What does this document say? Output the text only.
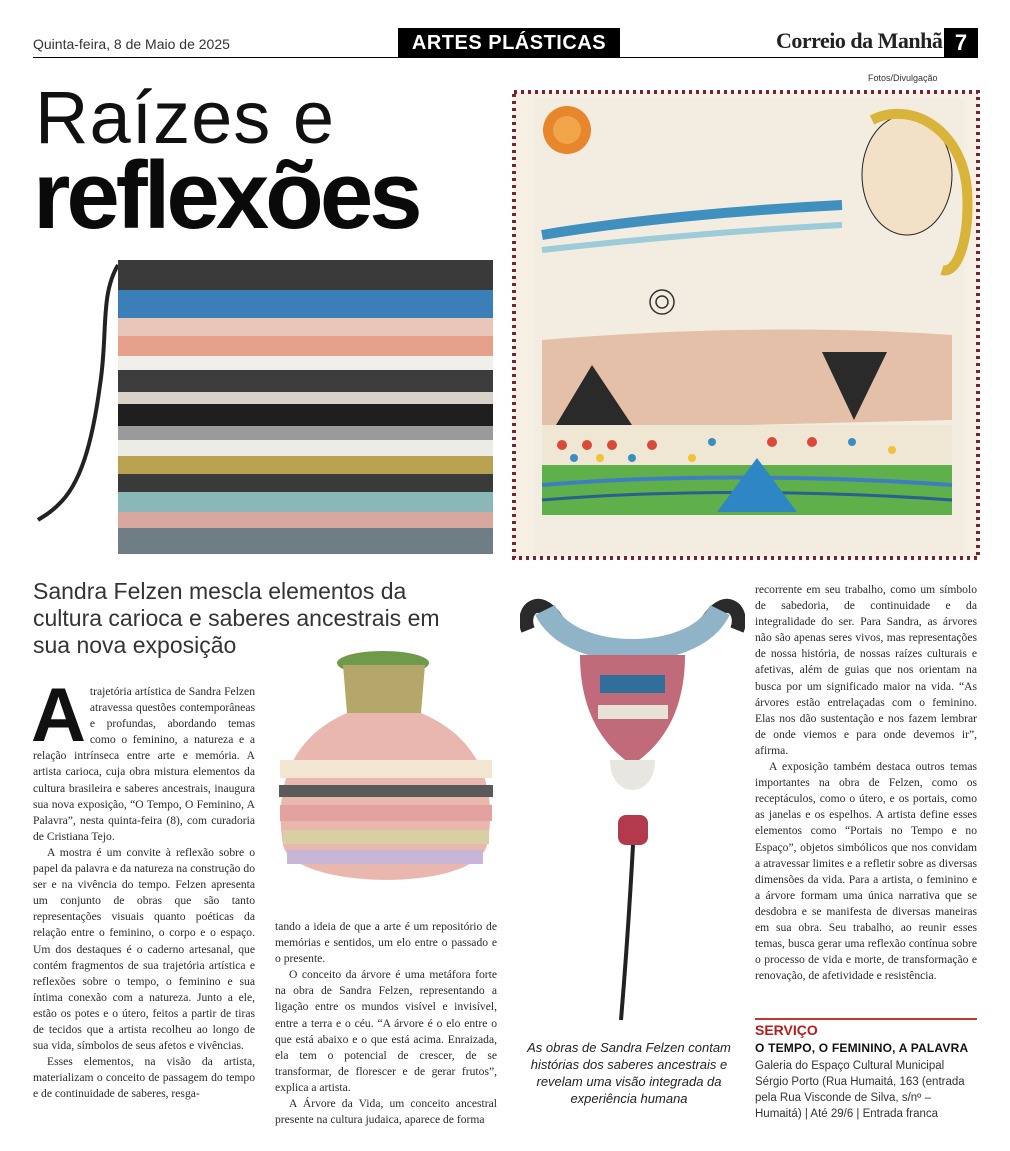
Quinta-feira, 8 de Maio de 2025	ARTES PLÁSTICAS	Correio da Manhã 7
Fotos/Divulgação
Raízes e
reflexões
Sandra Felzen mescla elementos da cultura carioca e saberes ancestrais em sua nova exposição
A trajetória artística de Sandra Felzen atravessa questões contemporâneas e profundas, abordando temas como o feminino, a natureza e a relação intrínseca entre arte e memória. A artista carioca, cuja obra mistura elementos da cultura brasileira e saberes ancestrais, inaugura sua nova exposição, “O Tempo, O Feminino, A Palavra”, nesta quinta-feira (8), com curadoria de Cristiana Tejo.

A mostra é um convite à reflexão sobre o papel da palavra e da natureza na construção do ser e na vivência do tempo. Felzen apresenta um conjunto de obras que são tanto representações visuais quanto poéticas da relação entre o feminino, o corpo e o espaço. Um dos destaques é o caderno artesanal, que contém fragmentos de sua trajetória artística e reflexões sobre o tempo, o feminino e sua íntima conexão com a natureza. Junto a ele, estão os potes e o útero, feitos a partir de tiras de tecidos que a artista recolheu ao longo de sua vida, símbolos de seus afetos e vivências.

Esses elementos, na visão da artista, materializam o conceito de passagem do tempo e de continuidade de saberes, resga-

tando a ideia de que a arte é um repositório de memórias e sentidos, um elo entre o passado e o presente.

O conceito da árvore é uma metáfora forte na obra de Sandra Felzen, representando a ligação entre os mundos visível e invisível, entre a terra e o céu. “A árvore é o elo entre o que está abaixo e o que está acima. Enraizada, ela tem o potencial de crescer, de se transformar, de florescer e de gerar frutos”, explica a artista.

A Árvore da Vida, um conceito ancestral presente na cultura judaica, aparece de forma

As obras de Sandra Felzen contam histórias dos saberes ancestrais e revelam uma visão integrada da experiência humana

recorrente em seu trabalho, como um símbolo de sabedoria, de continuidade e da integralidade do ser. Para Sandra, as árvores não são apenas seres vivos, mas representações de nossa história, de nossas raízes culturais e afetivas, além de guias que nos orientam na busca por um significado maior na vida. “As árvores estão entrelaçadas com o feminino. Elas nos dão sustentação e nos fazem lembrar de onde viemos e para onde devemos ir”, afirma.

A exposição também destaca outros temas importantes na obra de Felzen, como os receptáculos, como o útero, e os portais, como as janelas e os espelhos. A artista define esses elementos como “Portais no Tempo e no Espaço”, objetos simbólicos que nos convidam a atravessar limites e a refletir sobre as diversas dimensões da vida. Para a artista, o feminino e a árvore formam uma única narrativa que se desdobra e se manifesta de diversas maneiras em sua obra. Seu trabalho, ao reunir esses temas, busca gerar uma reflexão contínua sobre o processo de vida e morte, de transformação e renovação, de afetividade e resistência.

SERVIÇO
O TEMPO, O FEMININO, A PALAVRA
Galeria do Espaço Cultural Municipal Sérgio Porto (Rua Humaitá, 163 (entrada pela Rua Visconde de Silva, s/nº – Humaitá) | Até 29/6 | Entrada franca
